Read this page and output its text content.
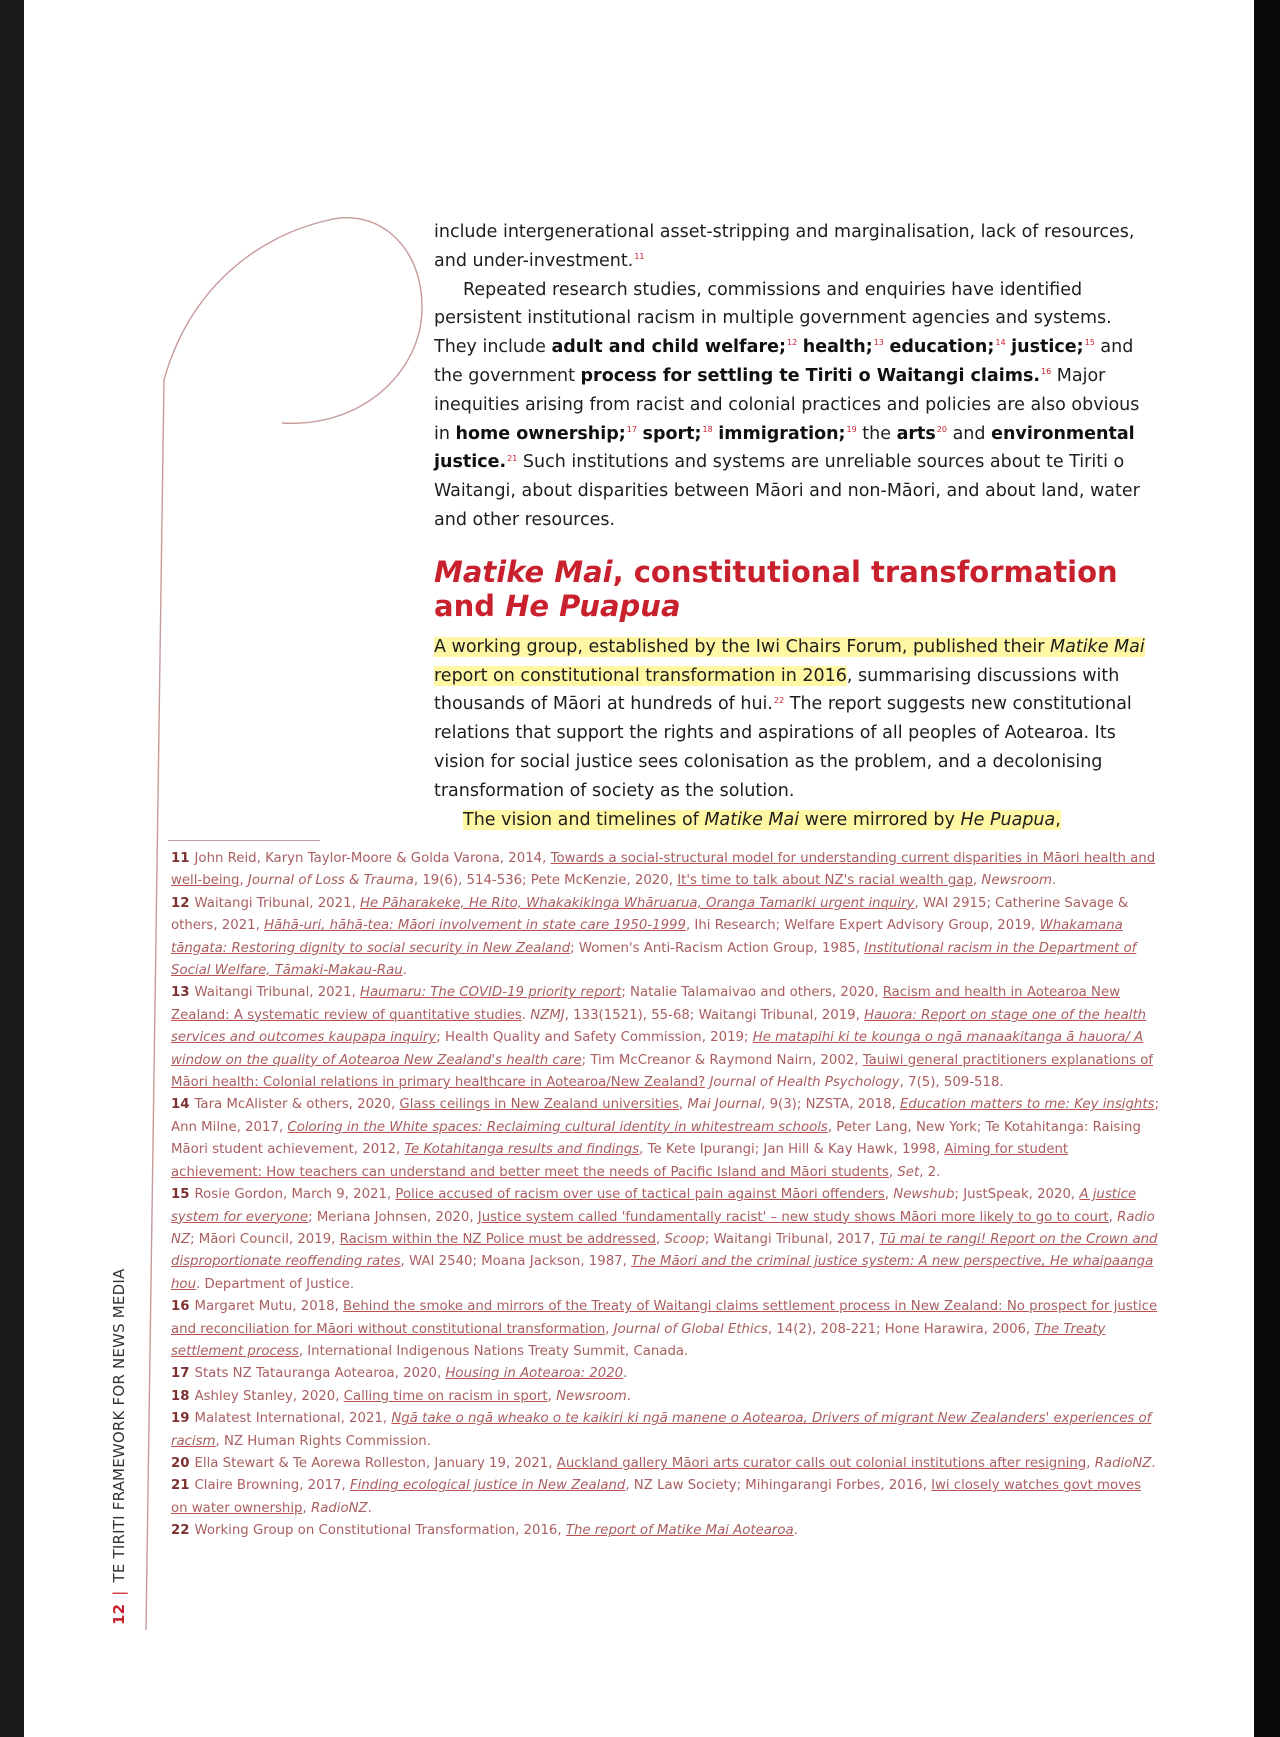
include intergenerational asset-stripping and marginalisation, lack of resources, and under-investment.$^{11}$

Repeated research studies, commissions and enquiries have identified persistent institutional racism in multiple government agencies and systems. They include adult and child welfare;$^{12}$ health;$^{13}$ education;$^{14}$ justice;$^{15}$ and the government process for settling te Tiriti o Waitangi claims.$^{16}$ Major inequities arising from racist and colonial practices and policies are also obvious in home ownership;$^{17}$ sport;$^{18}$ immigration;$^{19}$ the arts$^{20}$ and environmental justice.$^{21}$ Such institutions and systems are unreliable sources about te Tiriti o Waitangi, about disparities between Māori and non-Māori, and about land, water and other resources.

Matike Mai, constitutional transformation and He Puapua

A working group, established by the Iwi Chairs Forum, published their Matike Mai report on constitutional transformation in 2016, summarising discussions with thousands of Māori at hundreds of hui.$^{22}$ The report suggests new constitutional relations that support the rights and aspirations of all peoples of Aotearoa. Its vision for social justice sees colonisation as the problem, and a decolonising transformation of society as the solution.

The vision and timelines of Matike Mai were mirrored by He Puapua,

11 John Reid, Karyn Taylor-Moore & Golda Varona, 2014, Towards a social-structural model for understanding current disparities in Māori health and well-being, Journal of Loss & Trauma, 19(6), 514-536; Pete McKenzie, 2020, It's time to talk about NZ's racial wealth gap, Newsroom.

12 Waitangi Tribunal, 2021, He Pāharakeke, He Rito, Whakakikinga Whāruarua, Oranga Tamariki urgent inquiry, WAI 2915; Catherine Savage & others, 2021, Hāhā-uri, hāhā-tea: Māori involvement in state care 1950-1999, Ihi Research; Welfare Expert Advisory Group, 2019, Whakamana tāngata: Restoring dignity to social security in New Zealand; Women's Anti-Racism Action Group, 1985, Institutional racism in the Department of Social Welfare, Tāmaki-Makau-Rau.

13 Waitangi Tribunal, 2021, Haumaru: The COVID-19 priority report; Natalie Talamaivao and others, 2020, Racism and health in Aotearoa New Zealand: A systematic review of quantitative studies. NZMJ, 133(1521), 55-68; Waitangi Tribunal, 2019, Hauora: Report on stage one of the health services and outcomes kaupapa inquiry; Health Quality and Safety Commission, 2019; He matapihi ki te kounga o ngā manaakitanga ā hauora/ A window on the quality of Aotearoa New Zealand's health care; Tim McCreanor & Raymond Nairn, 2002, Tauiwi general practitioners explanations of Māori health: Colonial relations in primary healthcare in Aotearoa/New Zealand? Journal of Health Psychology, 7(5), 509-518.

14 Tara McAlister & others, 2020, Glass ceilings in New Zealand universities, Mai Journal, 9(3); NZSTA, 2018, Education matters to me: Key insights; Ann Milne, 2017, Coloring in the White spaces: Reclaiming cultural identity in whitestream schools, Peter Lang, New York; Te Kotahitanga: Raising Māori student achievement, 2012, Te Kotahitanga results and findings, Te Kete Ipurangi; Jan Hill & Kay Hawk, 1998, Aiming for student achievement: How teachers can understand and better meet the needs of Pacific Island and Māori students, Set, 2.

15 Rosie Gordon, March 9, 2021, Police accused of racism over use of tactical pain against Māori offenders, Newshub; JustSpeak, 2020, A justice system for everyone; Meriana Johnsen, 2020, Justice system called 'fundamentally racist' – new study shows Māori more likely to go to court, Radio NZ; Māori Council, 2019, Racism within the NZ Police must be addressed, Scoop; Waitangi Tribunal, 2017, Tū mai te rangi! Report on the Crown and disproportionate reoffending rates, WAI 2540; Moana Jackson, 1987, The Māori and the criminal justice system: A new perspective, He whaipaanga hou. Department of Justice.

16 Margaret Mutu, 2018, Behind the smoke and mirrors of the Treaty of Waitangi claims settlement process in New Zealand: No prospect for justice and reconciliation for Māori without constitutional transformation, Journal of Global Ethics, 14(2), 208-221; Hone Harawira, 2006, The Treaty settlement process, International Indigenous Nations Treaty Summit, Canada.

17 Stats NZ Tatauranga Aotearoa, 2020, Housing in Aotearoa: 2020.

18 Ashley Stanley, 2020, Calling time on racism in sport, Newsroom.

19 Malatest International, 2021, Ngā take o ngā wheako o te kaikiri ki ngā manene o Aotearoa, Drivers of migrant New Zealanders' experiences of racism, NZ Human Rights Commission.

20 Ella Stewart & Te Aorewa Rolleston, January 19, 2021, Auckland gallery Māori arts curator calls out colonial institutions after resigning, RadioNZ.

21 Claire Browning, 2017, Finding ecological justice in New Zealand, NZ Law Society; Mihingarangi Forbes, 2016, Iwi closely watches govt moves on water ownership, RadioNZ.

22 Working Group on Constitutional Transformation, 2016, The report of Matike Mai Aotearoa.

12|TE TIRITI FRAMEWORK FOR NEWS MEDIA
